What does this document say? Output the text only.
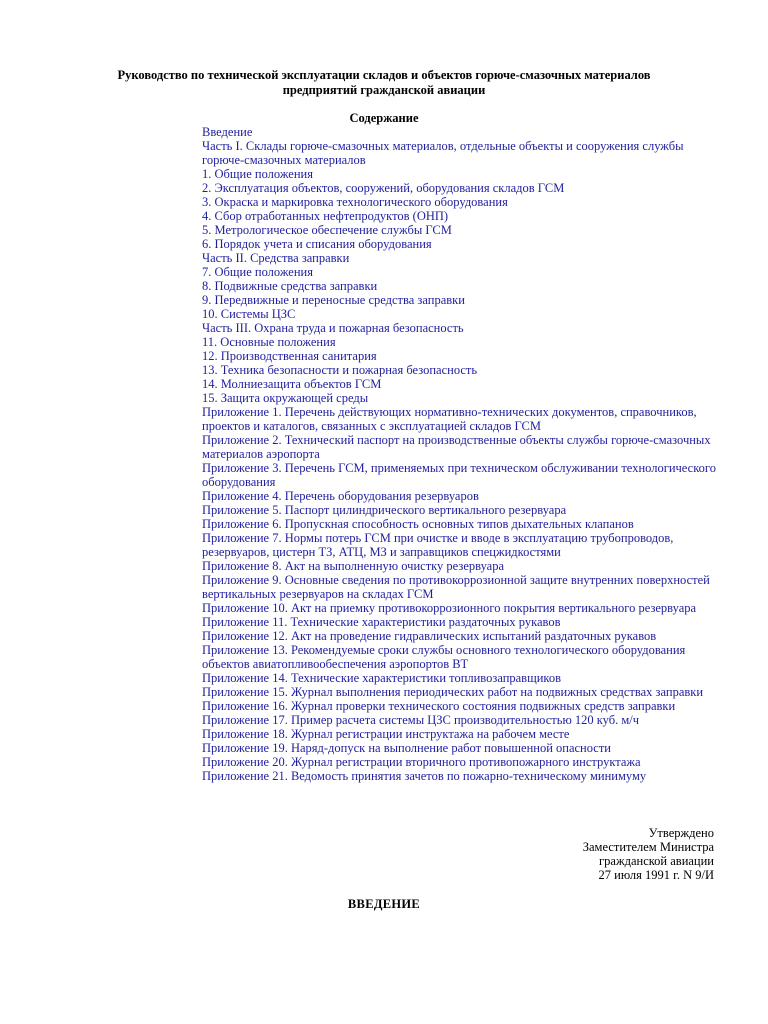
Руководство по технической эксплуатации складов и объектов горюче-смазочных материалов
предприятий гражданской авиации
Содержание
Введение
Часть I. Склады горюче-смазочных материалов, отдельные объекты и сооружения службы горюче-смазочных материалов
1. Общие положения
2. Эксплуатация объектов, сооружений, оборудования складов ГСМ
3. Окраска и маркировка технологического оборудования
4. Сбор отработанных нефтепродуктов (ОНП)
5. Метрологическое обеспечение службы ГСМ
6. Порядок учета и списания оборудования
Часть II. Средства заправки
7. Общие положения
8. Подвижные средства заправки
9. Передвижные и переносные средства заправки
10. Системы ЦЗС
Часть III. Охрана труда и пожарная безопасность
11. Основные положения
12. Производственная санитария
13. Техника безопасности и пожарная безопасность
14. Молниезащита объектов ГСМ
15. Защита окружающей среды
Приложение 1. Перечень действующих нормативно-технических документов, справочников, проектов и каталогов, связанных с эксплуатацией складов ГСМ
Приложение 2. Технический паспорт на производственные объекты службы горюче-смазочных материалов аэропорта
Приложение 3. Перечень ГСМ, применяемых при техническом обслуживании технологического оборудования
Приложение 4. Перечень оборудования резервуаров
Приложение 5. Паспорт цилиндрического вертикального резервуара
Приложение 6. Пропускная способность основных типов дыхательных клапанов
Приложение 7. Нормы потерь ГСМ при очистке и вводе в эксплуатацию трубопроводов, резервуаров, цистерн ТЗ, АТЦ, МЗ и заправщиков спецжидкостями
Приложение 8. Акт на выполненную очистку резервуара
Приложение 9. Основные сведения по противокоррозионной защите внутренних поверхностей вертикальных резервуаров на складах ГСМ
Приложение 10. Акт на приемку противокоррозионного покрытия вертикального резервуара
Приложение 11. Технические характеристики раздаточных рукавов
Приложение 12. Акт на проведение гидравлических испытаний раздаточных рукавов
Приложение 13. Рекомендуемые сроки службы основного технологического оборудования объектов авиатопливообеспечения аэропортов ВТ
Приложение 14. Технические характеристики топливозаправщиков
Приложение 15. Журнал выполнения периодических работ на подвижных средствах заправки
Приложение 16. Журнал проверки технического состояния подвижных средств заправки
Приложение 17. Пример расчета системы ЦЗС производительностью 120 куб. м/ч
Приложение 18. Журнал регистрации инструктажа на рабочем месте
Приложение 19. Наряд-допуск на выполнение работ повышенной опасности
Приложение 20. Журнал регистрации вторичного противопожарного инструктажа
Приложение 21. Ведомость принятия зачетов по пожарно-техническому минимуму
Утверждено
Заместителем Министра
гражданской авиации
27 июля 1991 г. N 9/И
ВВЕДЕНИЕ
